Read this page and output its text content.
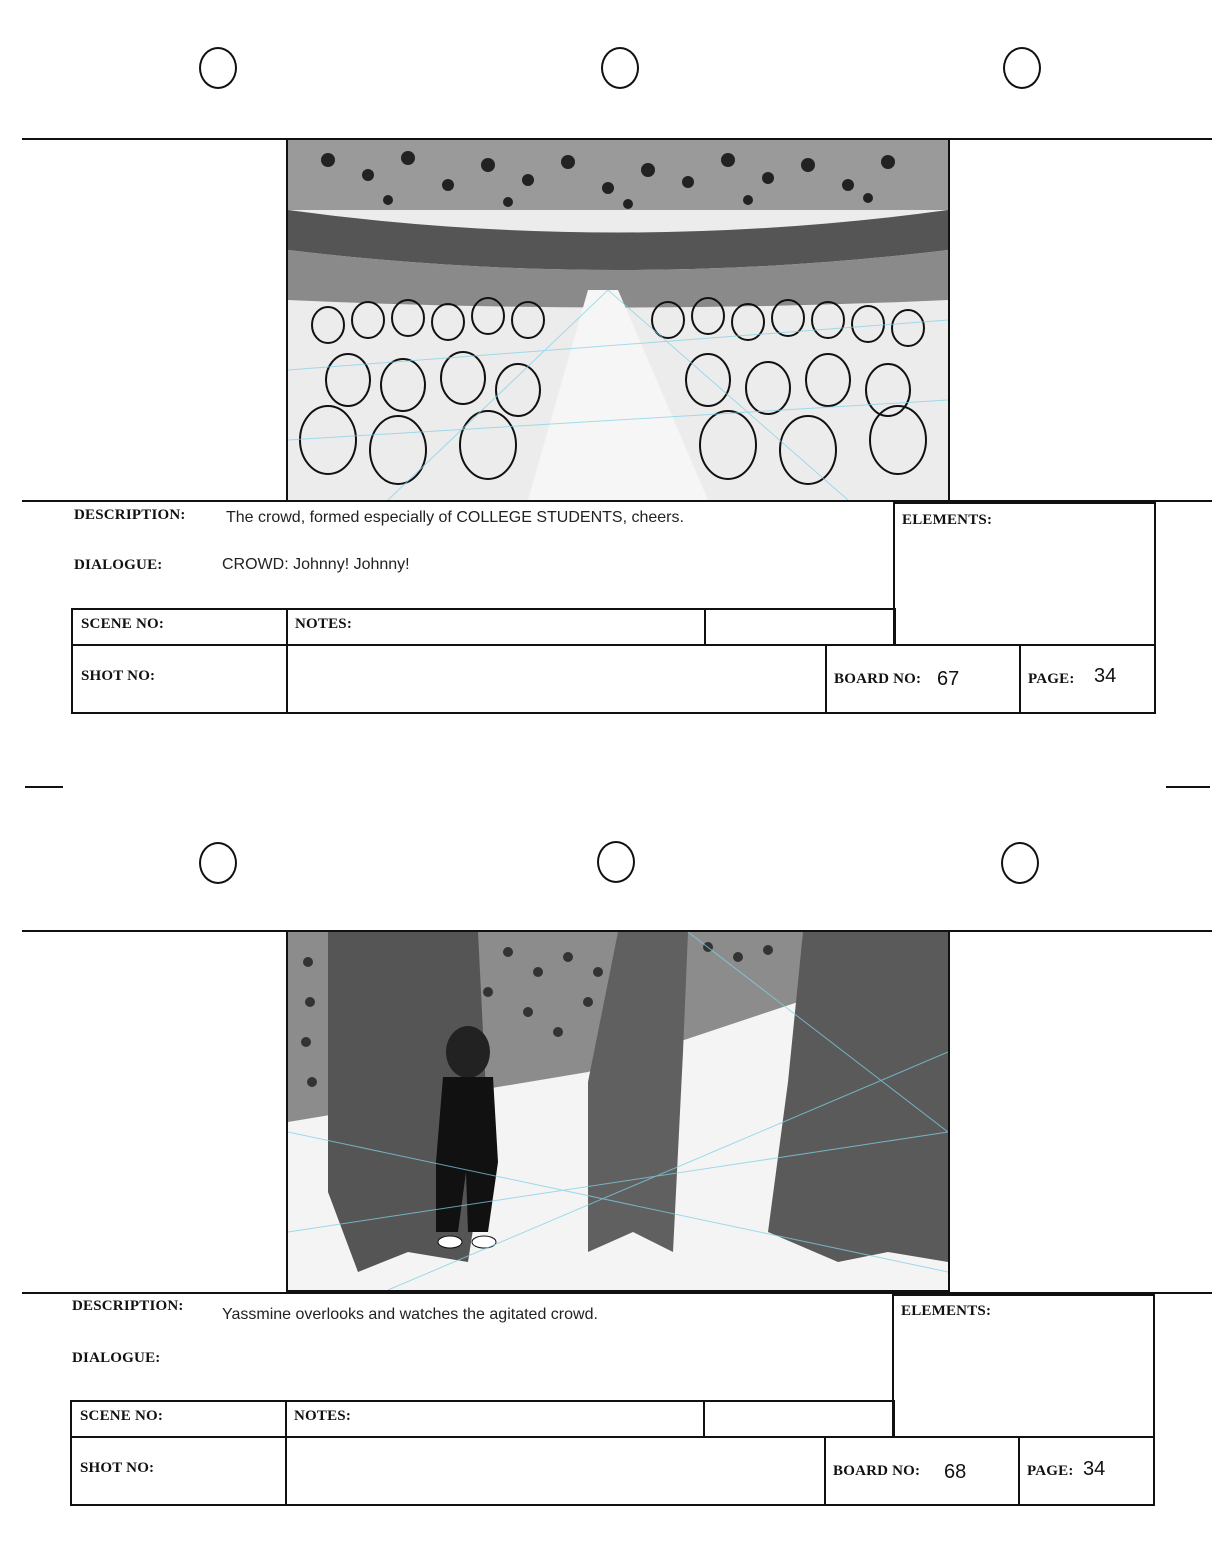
DESCRIPTION:	The crowd, formed especially of COLLEGE STUDENTS, cheers.
DIALOGUE:	CROWD: Johnny! Johnny!
ELEMENTS:
SCENE NO:	NOTES:
SHOT NO:	BOARD NO: 67	PAGE: 34
DESCRIPTION: Yassmine overlooks and watches the agitated crowd.
DIALOGUE:
ELEMENTS:
SCENE NO:	NOTES:
SHOT NO:	BOARD NO: 68	PAGE: 34
